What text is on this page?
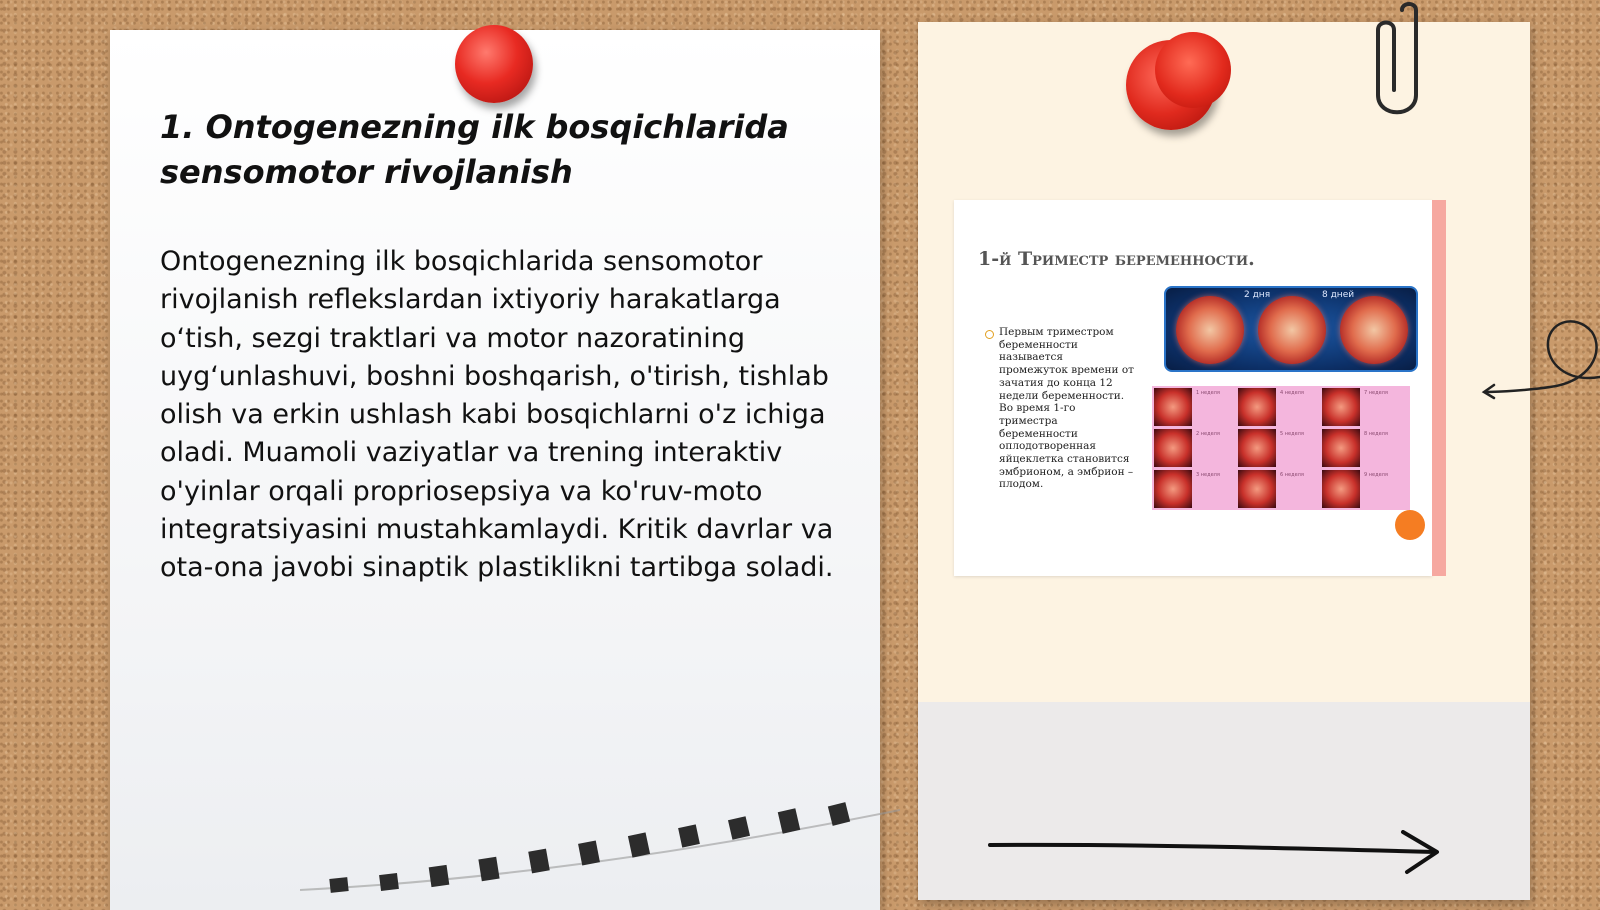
1. Ontogenezning ilk bosqichlarida sensomotor rivojlanish

Ontogenezning ilk bosqichlarida sensomotor rivojlanish reflekslardan ixtiyoriy harakatlarga o‘tish, sezgi traktlari va motor nazoratining uyg‘unlashuvi, boshni boshqarish, o'tirish, tishlab olish va erkin ushlash kabi bosqichlarni o'z ichiga oladi. Muamoli vaziyatlar va trening interaktiv o'yinlar orqali propriosepsiya va ko'ruv-moto integratsiyasini mustahkamlaydi. Kritik davrlar va ota-ona javobi sinaptik plastiklikni tartibga soladi.

1-й Триместр беременности.

Первым триместром беременности называется промежуток времени от зачатия до конца 12 недели беременности. Во время 1-го триместра беременности оплодотворенная яйцеклетка становится эмбрионом, а эмбрион – плодом.

2 дня	8 дней
1 неделя	4 неделя	7 неделя
2 неделя	5 неделя	8 неделя
3 неделя	6 неделя	9 неделя
